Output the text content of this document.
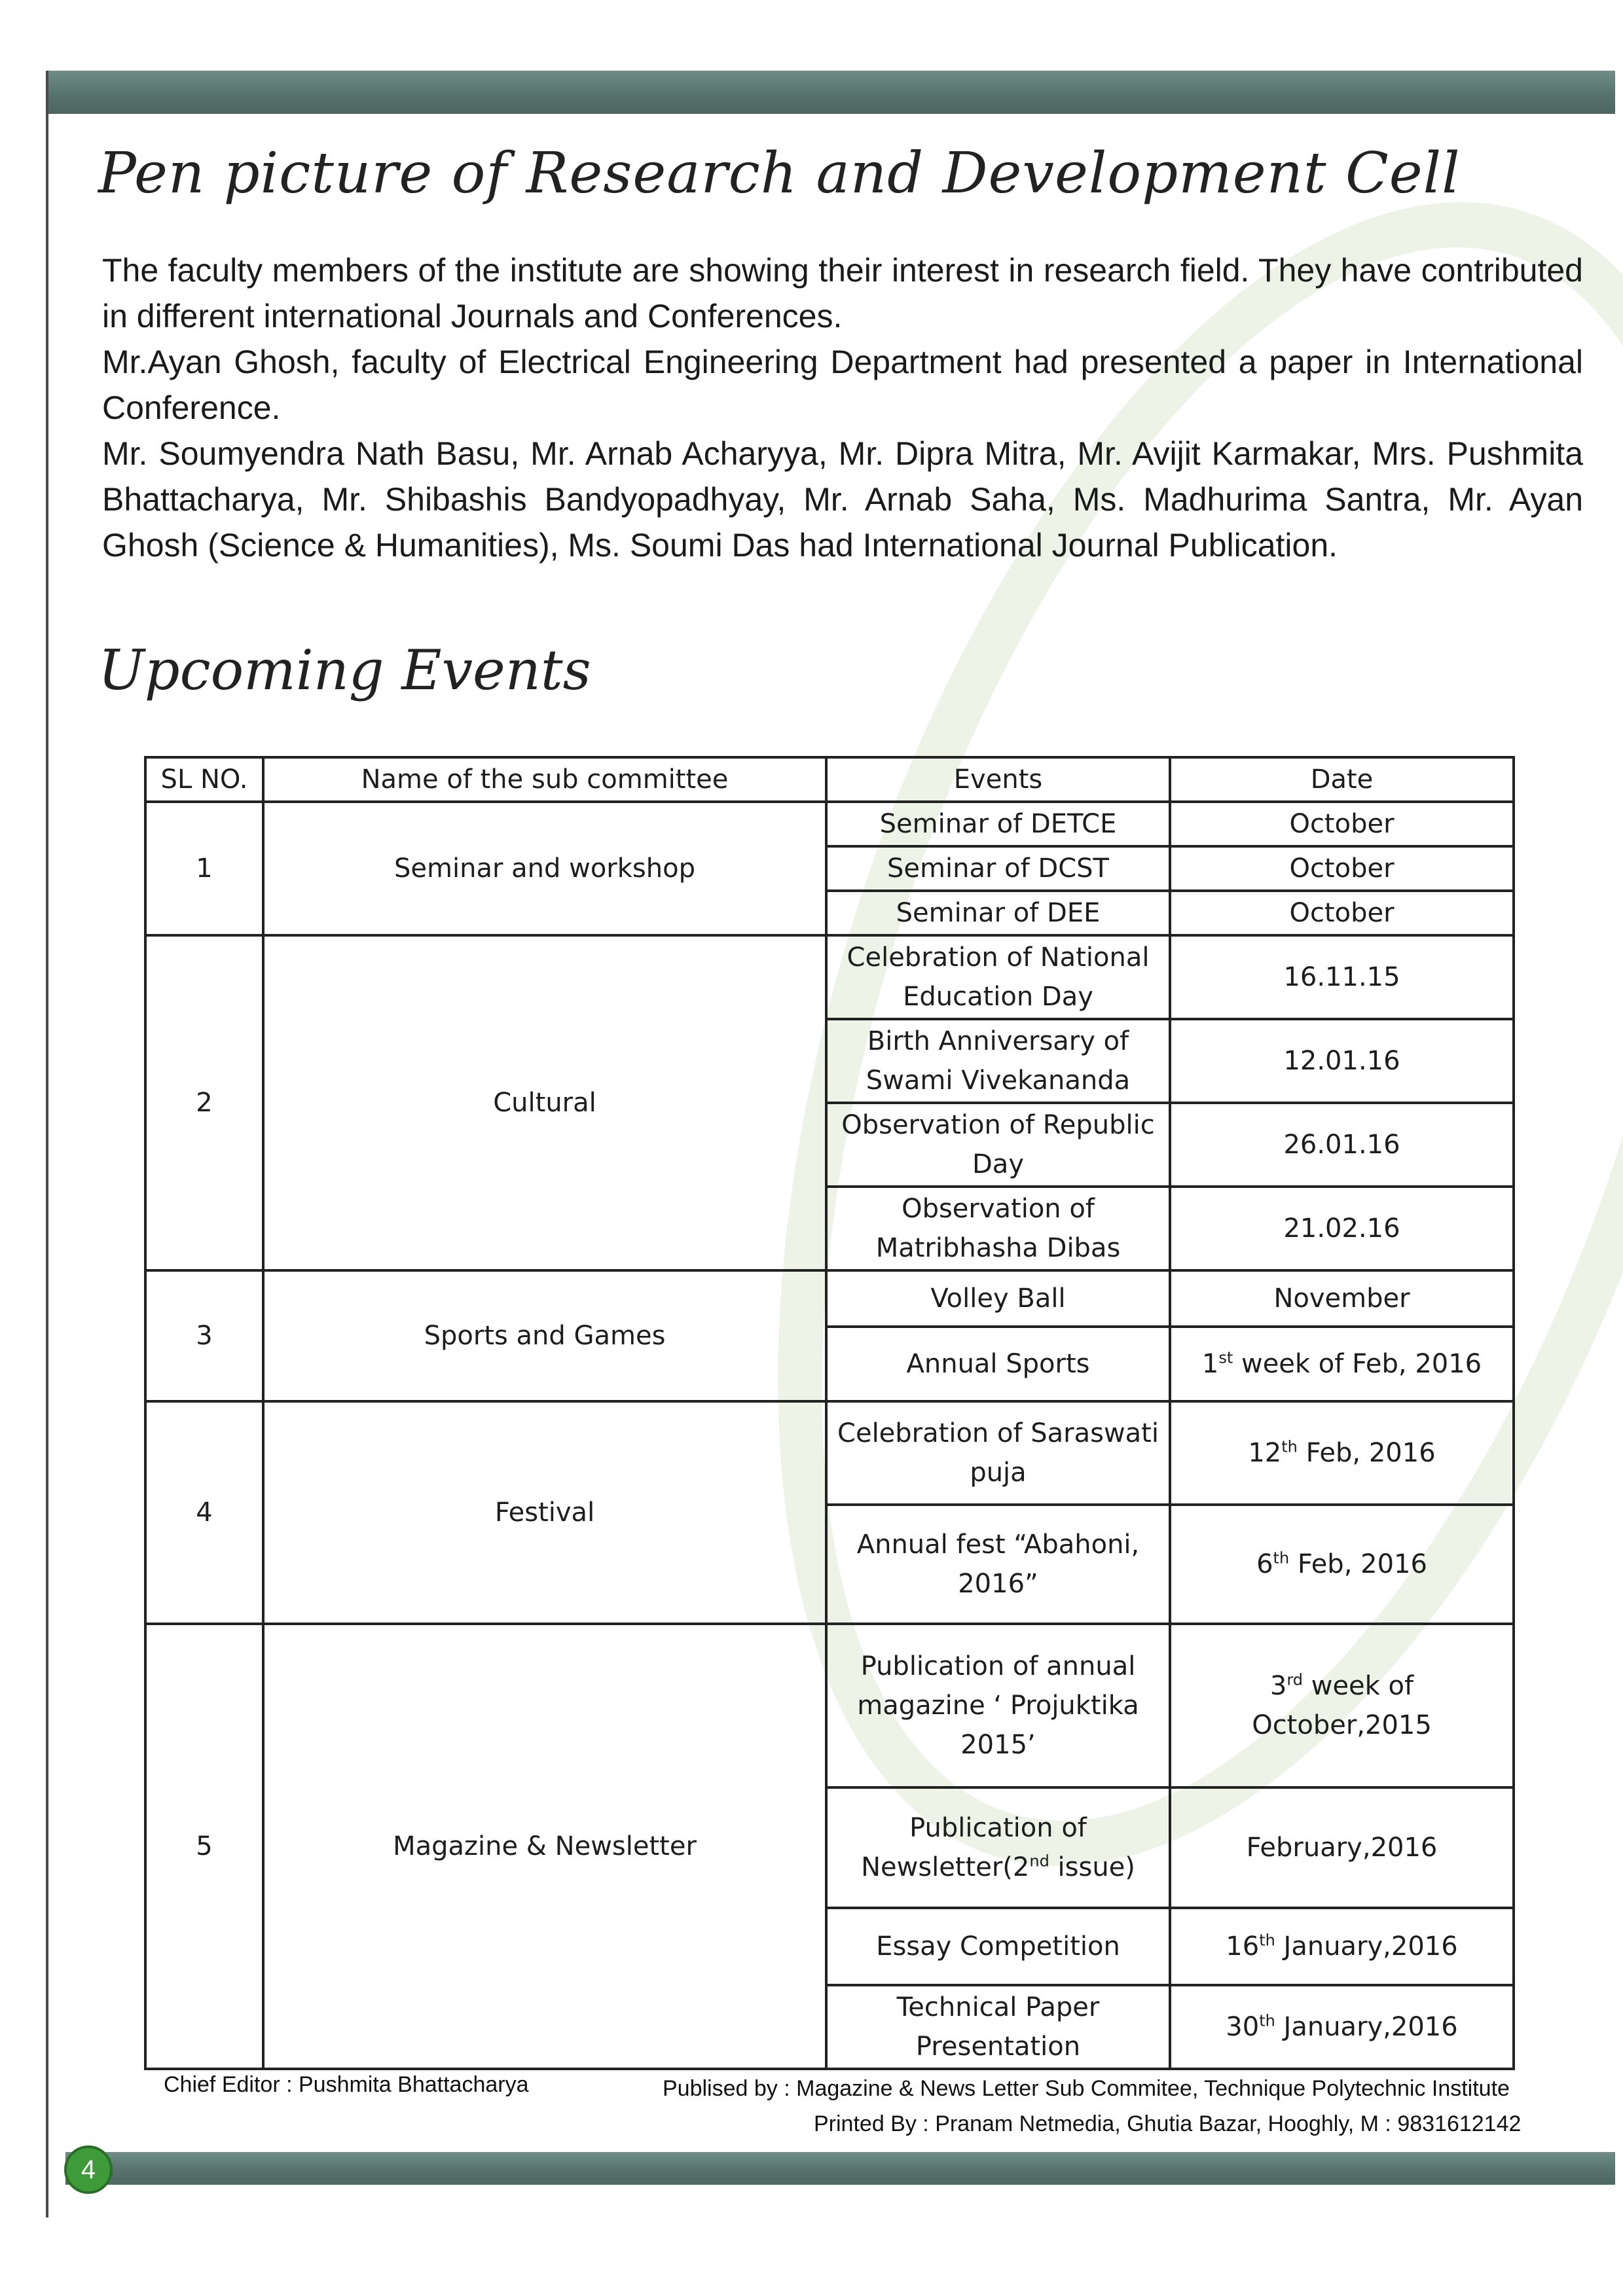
Pen picture of Research and Development Cell

The faculty members of the institute are showing their interest in research field. They have contributed in different international Journals and Conferences.

Mr.Ayan Ghosh, faculty of Electrical Engineering Department had presented a paper in International Conference.

Mr. Soumyendra Nath Basu, Mr. Arnab Acharyya, Mr. Dipra Mitra, Mr. Avijit Karmakar, Mrs. Pushmita Bhattacharya, Mr. Shibashis Bandyopadhyay, Mr. Arnab Saha, Ms. Madhurima Santra, Mr. Ayan Ghosh (Science & Humanities), Ms. Soumi Das had International Journal Publication.

Upcoming Events
SL NO.	Name of the sub committee	Events	Date
1	Seminar and workshop	Seminar of DETCE	October
		Seminar of DCST	October
		Seminar of DEE	October
2	Cultural	Celebration of National Education Day	16.11.15
		Birth Anniversary of Swami Vivekananda	12.01.16
		Observation of Republic Day	26.01.16
		Observation of Matribhasha Dibas	21.02.16
3	Sports and Games	Volley Ball	November
		Annual Sports	1st week of Feb, 2016
4	Festival	Celebration of Saraswati puja	12th Feb, 2016
		Annual fest “Abahoni, 2016”	6th Feb, 2016
5	Magazine & Newsletter	Publication of annual magazine ‘ Projuktika 2015’	3rd week of October,2015
		Publication of Newsletter(2nd issue)	February,2016
		Essay Competition	16th January,2016
		Technical Paper Presentation	30th January,2016
Chief Editor : Pushmita Bhattacharya	Publised by : Magazine & News Letter Sub Commitee, Technique Polytechnic Institute
Printed By : Pranam Netmedia, Ghutia Bazar, Hooghly, M : 9831612142
4
